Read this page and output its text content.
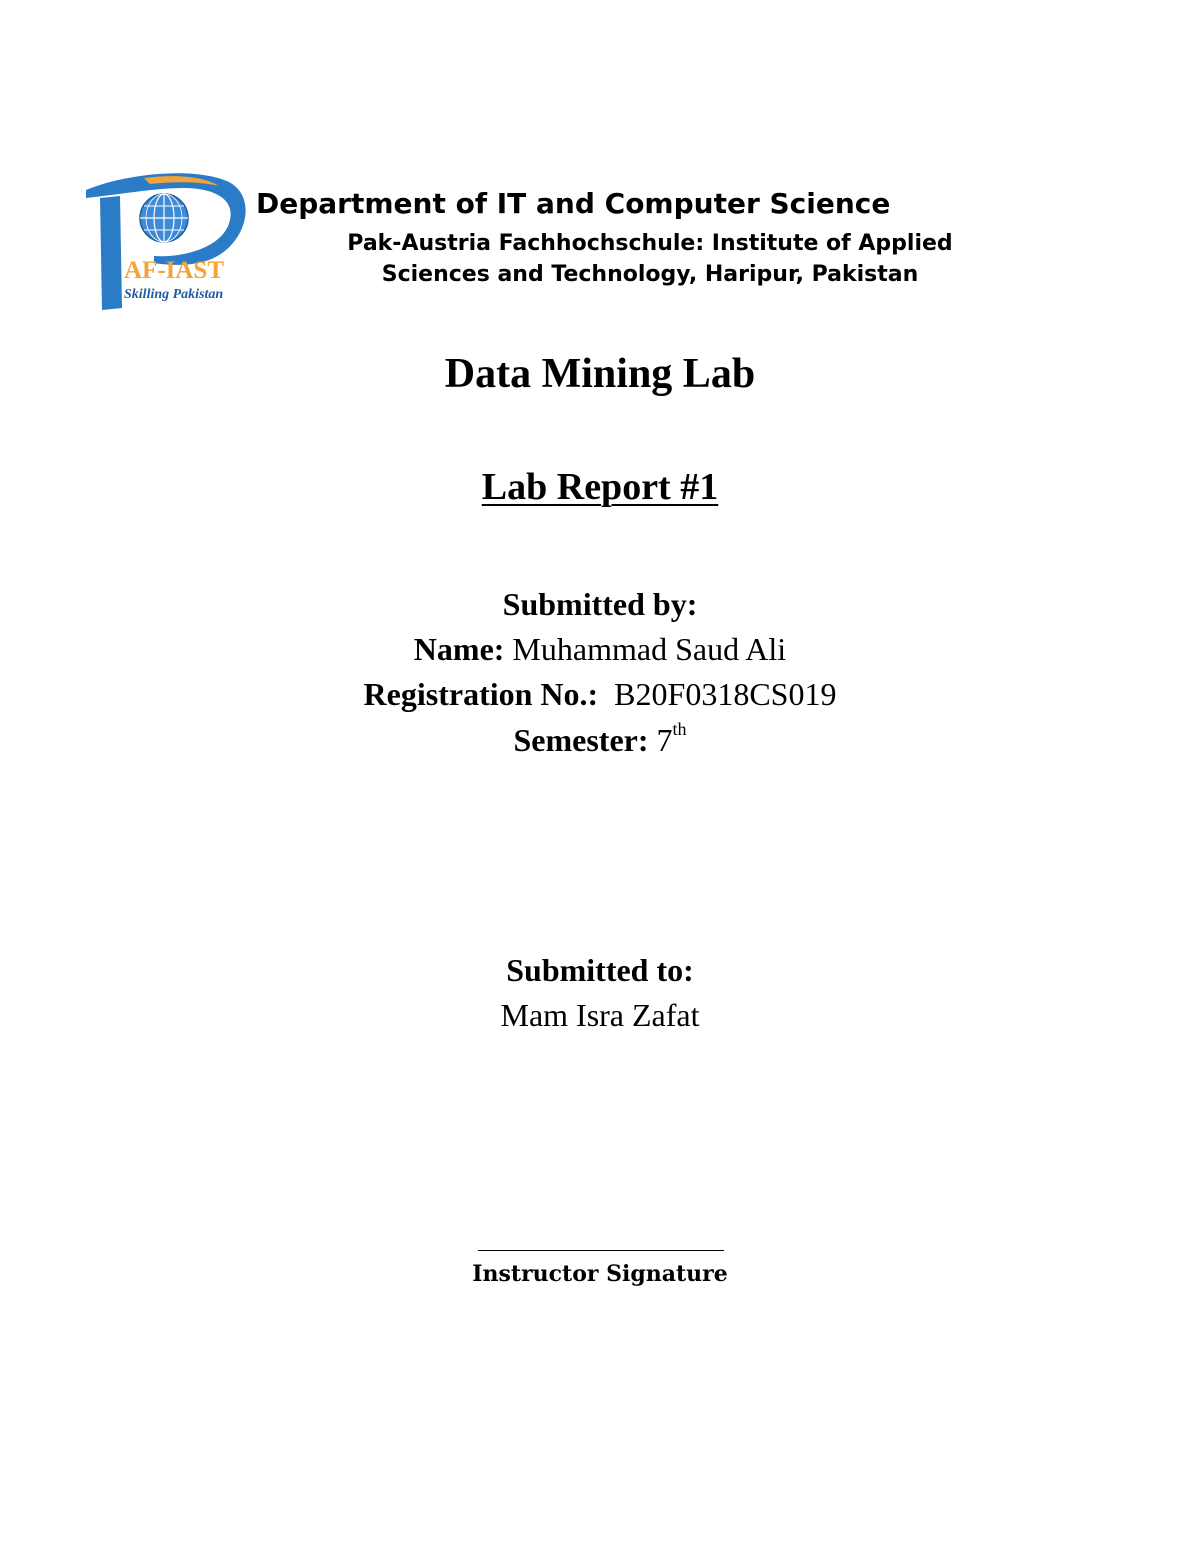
AF-IAST
Skilling Pakistan
Department of IT and Computer Science
Pak-Austria Fachhochschule: Institute of Applied
Sciences and Technology, Haripur, Pakistan
Data Mining Lab
Lab Report #1
Submitted by:
Name: Muhammad Saud Ali
Registration No.: B20F0318CS019
Semester: 7th
Submitted to:
Mam Isra Zafat
Instructor Signature
